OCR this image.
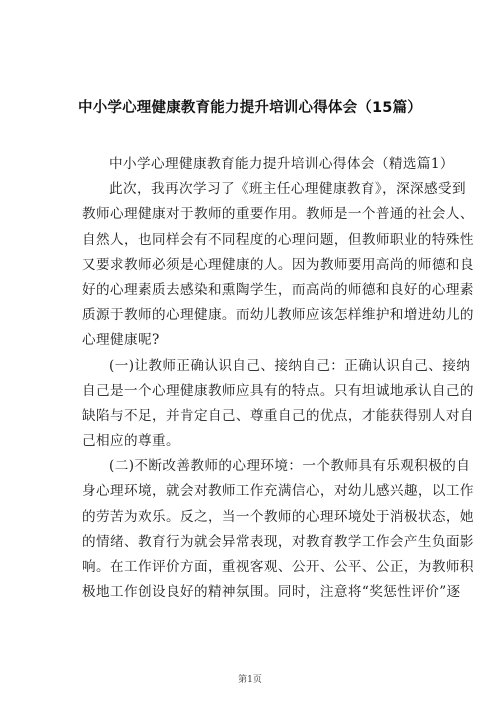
中小学心理健康教育能力提升培训心得体会（15篇）
中小学心理健康教育能力提升培训心得体会（精选篇1）
此次，我再次学习了《班主任心理健康教育》，深深感受到
教师心理健康对于教师的重要作用。教师是一个普通的社会人、
自然人，也同样会有不同程度的心理问题，但教师职业的特殊性
又要求教师必须是心理健康的人。因为教师要用高尚的师德和良
好的心理素质去感染和熏陶学生，而高尚的师德和良好的心理素
质源于教师的心理健康。而幼儿教师应该怎样维护和增进幼儿的
心理健康呢?
(一)让教师正确认识自己、接纳自己：正确认识自己、接纳
自己是一个心理健康教师应具有的特点。只有坦诚地承认自己的
缺陷与不足，并肯定自己、尊重自己的优点，才能获得别人对自
己相应的尊重。
(二)不断改善教师的心理环境：一个教师具有乐观积极的自
身心理环境，就会对教师工作充满信心，对幼儿感兴趣，以工作
的劳苦为欢乐。反之，当一个教师的心理环境处于消极状态，她
的情绪、教育行为就会异常表现，对教育教学工作会产生负面影
响。在工作评价方面，重视客观、公开、公平、公正，为教师积
极地工作创设良好的精神氛围。同时，注意将“奖惩性评价”逐
第1页
